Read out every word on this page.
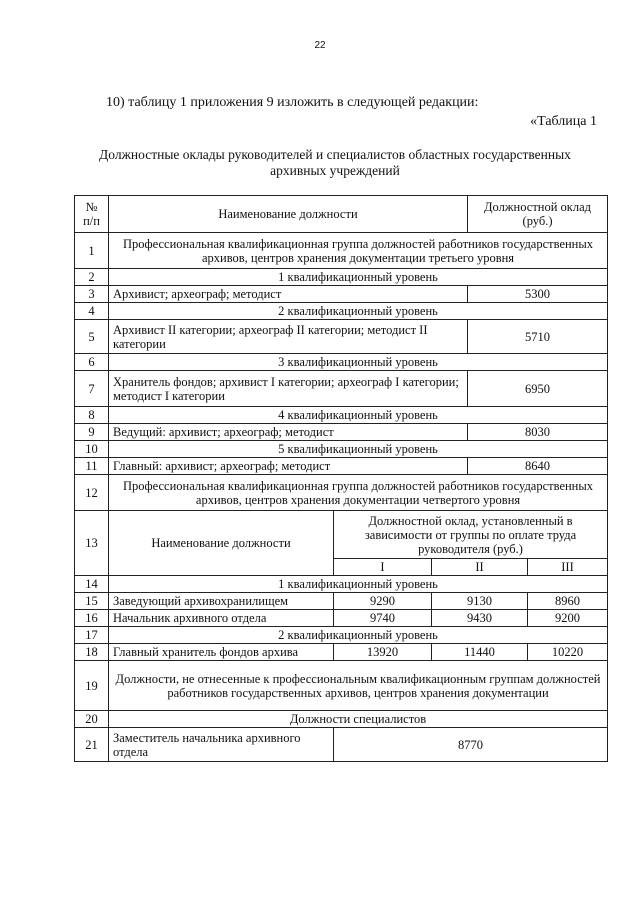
22
10) таблицу 1 приложения 9 изложить в следующей редакции:
«Таблица 1
Должностные оклады руководителей и специалистов областных государственных архивных учреждений
№ п/п	Наименование должности			Должностной оклад (руб.)	
1	Профессиональная квалификационная группа должностей работников государственных архивов, центров хранения документации третьего уровня				
2	1 квалификационный уровень				
3	Архивист; археограф; методист			5300	
4	2 квалификационный уровень				
5	Архивист II категории; археограф II категории; методист II категории			5710	
6	3 квалификационный уровень				
7	Хранитель фондов; архивист I категории; археограф I категории; методист I категории			6950	
8	4 квалификационный уровень				
9	Ведущий: архивист; археограф; методист			8030	
10	5 квалификационный уровень				
11	Главный: архивист; археограф; методист			8640	
12	Профессиональная квалификационная группа должностей работников государственных архивов, центров хранения документации четвертого уровня				
13	Наименование должности	Должностной оклад, установленный в зависимости от группы по оплате труда руководителя (руб.)			
		I	II		III
14	1 квалификационный уровень				
15	Заведующий архивохранилищем	9290	9130		8960
16	Начальник архивного отдела	9740	9430		9200
17	2 квалификационный уровень				
18	Главный хранитель фондов архива	13920	11440		10220
19	Должности, не отнесенные к профессиональным квалификационным группам должностей работников государственных архивов, центров хранения документации				
20	Должности специалистов				
21	Заместитель начальника архивного отдела	8770			
